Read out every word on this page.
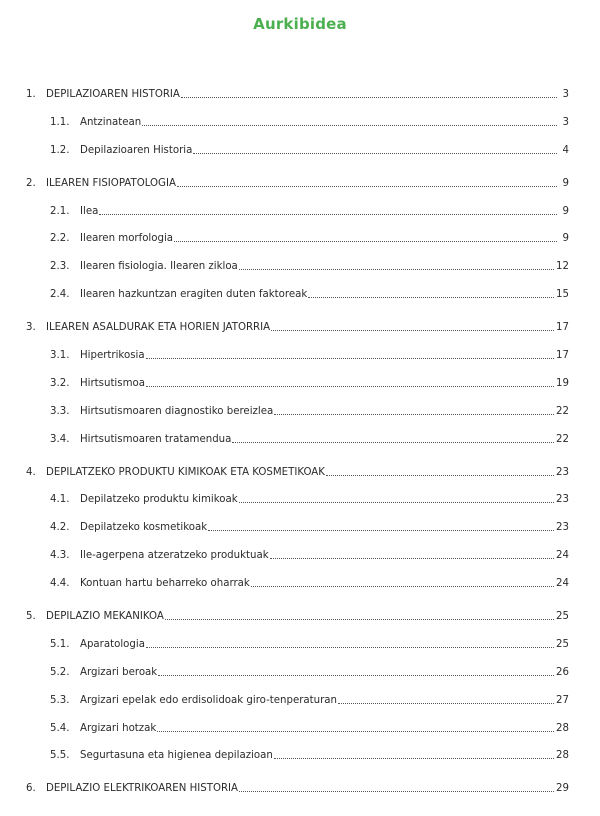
Aurkibidea
1.	DEPILAZIOAREN HISTORIA	3
1.1.	Antzinatean	3
1.2.	Depilazioaren Historia	4
2.	ILEAREN FISIOPATOLOGIA	9
2.1.	Ilea	9
2.2.	Ilearen morfologia	9
2.3.	Ilearen fisiologia. Ilearen zikloa	12
2.4.	Ilearen hazkuntzan eragiten duten faktoreak	15
3.	ILEAREN ASALDURAK ETA HORIEN JATORRIA	17
3.1.	Hipertrikosia	17
3.2.	Hirtsutismoa	19
3.3.	Hirtsutismoaren diagnostiko bereizlea	22
3.4.	Hirtsutismoaren tratamendua	22
4.	DEPILATZEKO PRODUKTU KIMIKOAK ETA KOSMETIKOAK	23
4.1.	Depilatzeko produktu kimikoak	23
4.2.	Depilatzeko kosmetikoak	23
4.3.	Ile-agerpena atzeratzeko produktuak	24
4.4.	Kontuan hartu beharreko oharrak	24
5.	DEPILAZIO MEKANIKOA	25
5.1.	Aparatologia	25
5.2.	Argizari beroak	26
5.3.	Argizari epelak edo erdisolidoak giro-tenperaturan	27
5.4.	Argizari hotzak	28
5.5.	Segurtasuna eta higienea depilazioan	28
6.	DEPILAZIO ELEKTRIKOAREN HISTORIA	29
